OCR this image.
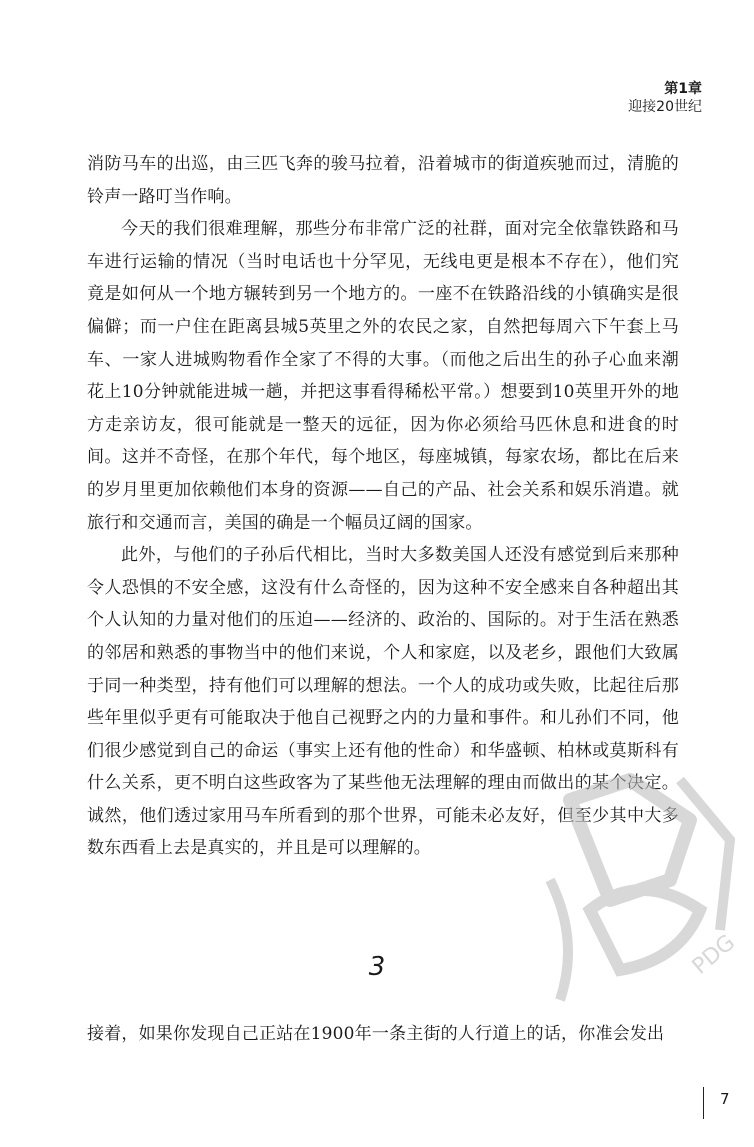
第1章
迎接20世纪

消防马车的出巡，由三匹飞奔的骏马拉着，沿着城市的街道疾驰而过，清脆的铃声一路叮当作响。

今天的我们很难理解，那些分布非常广泛的社群，面对完全依靠铁路和马车进行运输的情况（当时电话也十分罕见，无线电更是根本不存在），他们究竟是如何从一个地方辗转到另一个地方的。一座不在铁路沿线的小镇确实是很偏僻；而一户住在距离县城5英里之外的农民之家，自然把每周六下午套上马车、一家人进城购物看作全家了不得的大事。（而他之后出生的孙子心血来潮花上10分钟就能进城一趟，并把这事看得稀松平常。）想要到10英里开外的地方走亲访友，很可能就是一整天的远征，因为你必须给马匹休息和进食的时间。这并不奇怪，在那个年代，每个地区，每座城镇，每家农场，都比在后来的岁月里更加依赖他们本身的资源——自己的产品、社会关系和娱乐消遣。就旅行和交通而言，美国的确是一个幅员辽阔的国家。

此外，与他们的子孙后代相比，当时大多数美国人还没有感觉到后来那种令人恐惧的不安全感，这没有什么奇怪的，因为这种不安全感来自各种超出其个人认知的力量对他们的压迫——经济的、政治的、国际的。对于生活在熟悉的邻居和熟悉的事物当中的他们来说，个人和家庭，以及老乡，跟他们大致属于同一种类型，持有他们可以理解的想法。一个人的成功或失败，比起往后那些年里似乎更有可能取决于他自己视野之内的力量和事件。和儿孙们不同，他们很少感觉到自己的命运（事实上还有他的性命）和华盛顿、柏林或莫斯科有什么关系，更不明白这些政客为了某些他无法理解的理由而做出的某个决定。诚然，他们透过家用马车所看到的那个世界，可能未必友好，但至少其中大多数东西看上去是真实的，并且是可以理解的。

3

接着，如果你发现自己正站在1900年一条主街的人行道上的话，你准会发出

7
PDG
